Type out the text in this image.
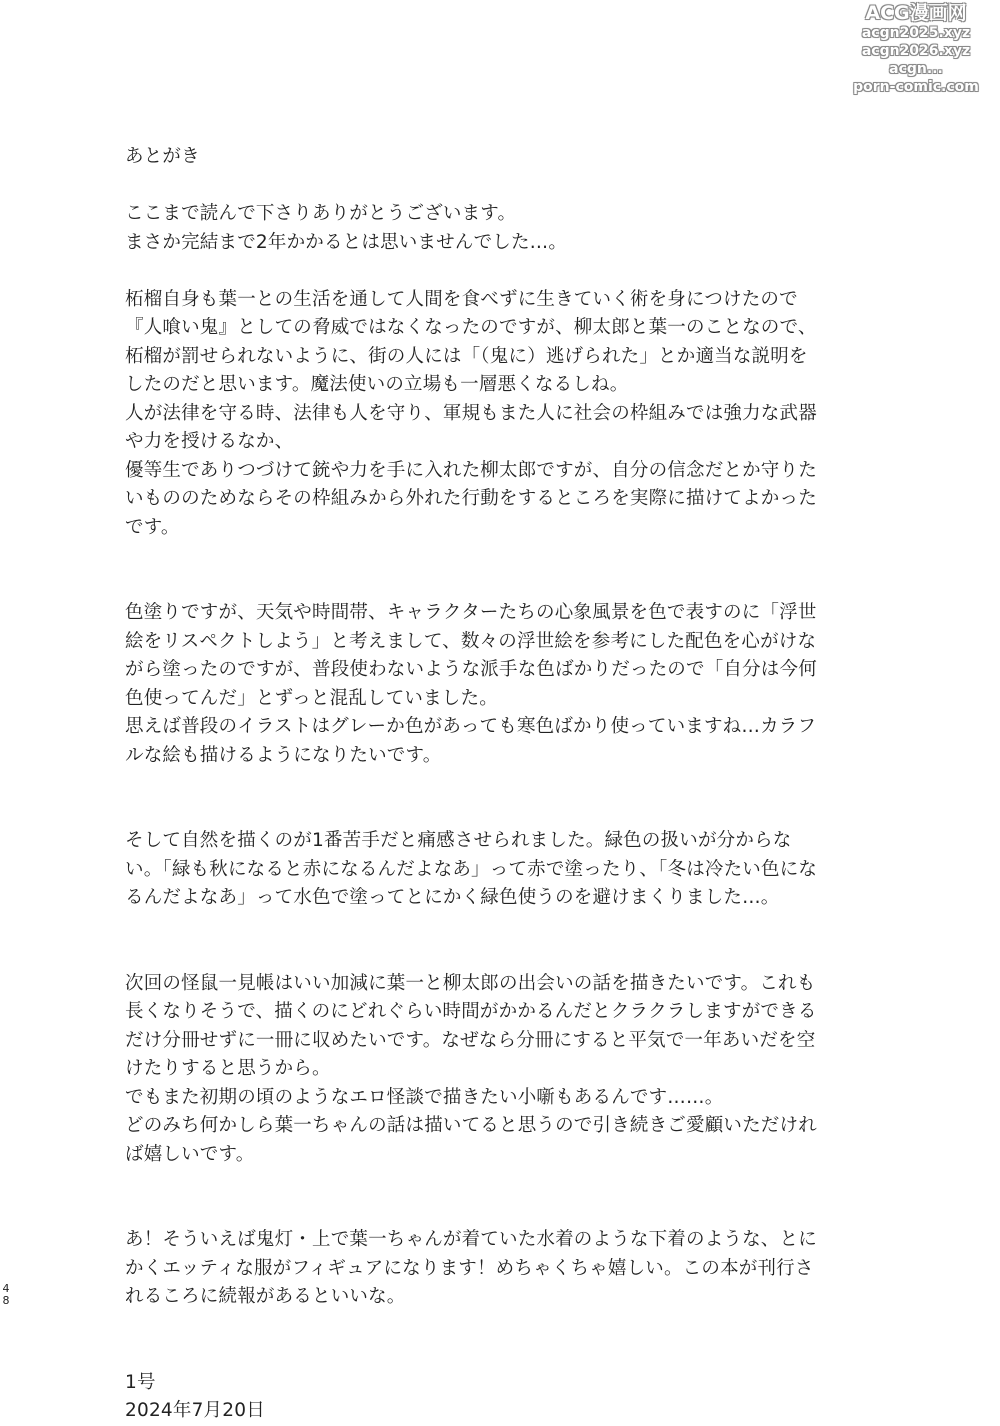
ACG漫画网
acgn2025.xyz
acgn2026.xyz
acgn...
porn-comic.com
あとがき
ここまで読んで下さりありがとうございます。
まさか完結まで2年かかるとは思いませんでした…。
柘榴自身も葉一との生活を通して人間を食べずに生きていく術を身につけたので
『人喰い鬼』としての脅威ではなくなったのですが、柳太郎と葉一のことなので、
柘榴が罰せられないように、街の人には「（鬼に）逃げられた」とか適当な説明を
したのだと思います。魔法使いの立場も一層悪くなるしね。
人が法律を守る時、法律も人を守り、軍規もまた人に社会の枠組みでは強力な武器
や力を授けるなか、
優等生でありつづけて銃や力を手に入れた柳太郎ですが、自分の信念だとか守りた
いもののためならその枠組みから外れた行動をするところを実際に描けてよかった
です。
色塗りですが、天気や時間帯、キャラクターたちの心象風景を色で表すのに「浮世
絵をリスペクトしよう」と考えまして、数々の浮世絵を参考にした配色を心がけな
がら塗ったのですが、普段使わないような派手な色ばかりだったので「自分は今何
色使ってんだ」とずっと混乱していました。
思えば普段のイラストはグレーか色があっても寒色ばかり使っていますね…カラフ
ルな絵も描けるようになりたいです。
そして自然を描くのが1番苦手だと痛感させられました。緑色の扱いが分からな
い。「緑も秋になると赤になるんだよなあ」って赤で塗ったり、「冬は冷たい色にな
るんだよなあ」って水色で塗ってとにかく緑色使うのを避けまくりました…。
次回の怪鼠一見帳はいい加減に葉一と柳太郎の出会いの話を描きたいです。これも
長くなりそうで、描くのにどれぐらい時間がかかるんだとクラクラしますができる
だけ分冊せずに一冊に収めたいです。なぜなら分冊にすると平気で一年あいだを空
けたりすると思うから。
でもまた初期の頃のようなエロ怪談で描きたい小噺もあるんです……。
どのみち何かしら葉一ちゃんの話は描いてると思うので引き続きご愛顧いただけれ
ば嬉しいです。
あ！そういえば鬼灯・上で葉一ちゃんが着ていた水着のような下着のような、とに
かくエッティな服がフィギュアになります！めちゃくちゃ嬉しい。この本が刊行さ
れるころに続報があるといいな。
1号
2024年7月20日
4
8
